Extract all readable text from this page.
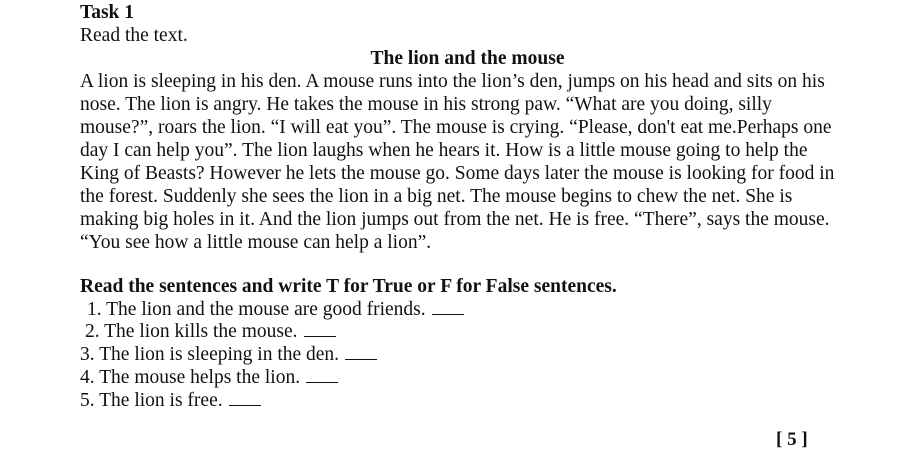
Task 1
Read the text.
The lion and the mouse
A lion is sleeping in his den. A mouse runs into the lion’s den, jumps on his head and sits on his
nose. The lion is angry. He takes the mouse in his strong paw. “What are you doing, silly
mouse?”, roars the lion. “I will eat you”. The mouse is crying. “Please, don't eat me.Perhaps one
day I can help you”. The lion laughs when he hears it. How is a little mouse going to help the
King of Beasts? However he lets the mouse go. Some days later the mouse is looking for food in
the forest. Suddenly she sees the lion in a big net. The mouse begins to chew the net. She is
making big holes in it. And the lion jumps out from the net. He is free. “There”, says the mouse.
“You see how a little mouse can help a lion”.
Read the sentences and write T for True or F for False sentences.
1. The lion and the mouse are good friends.
2. The lion kills the mouse.
3. The lion is sleeping in the den.
4. The mouse helps the lion.
5. The lion is free.
[ 5 ]
